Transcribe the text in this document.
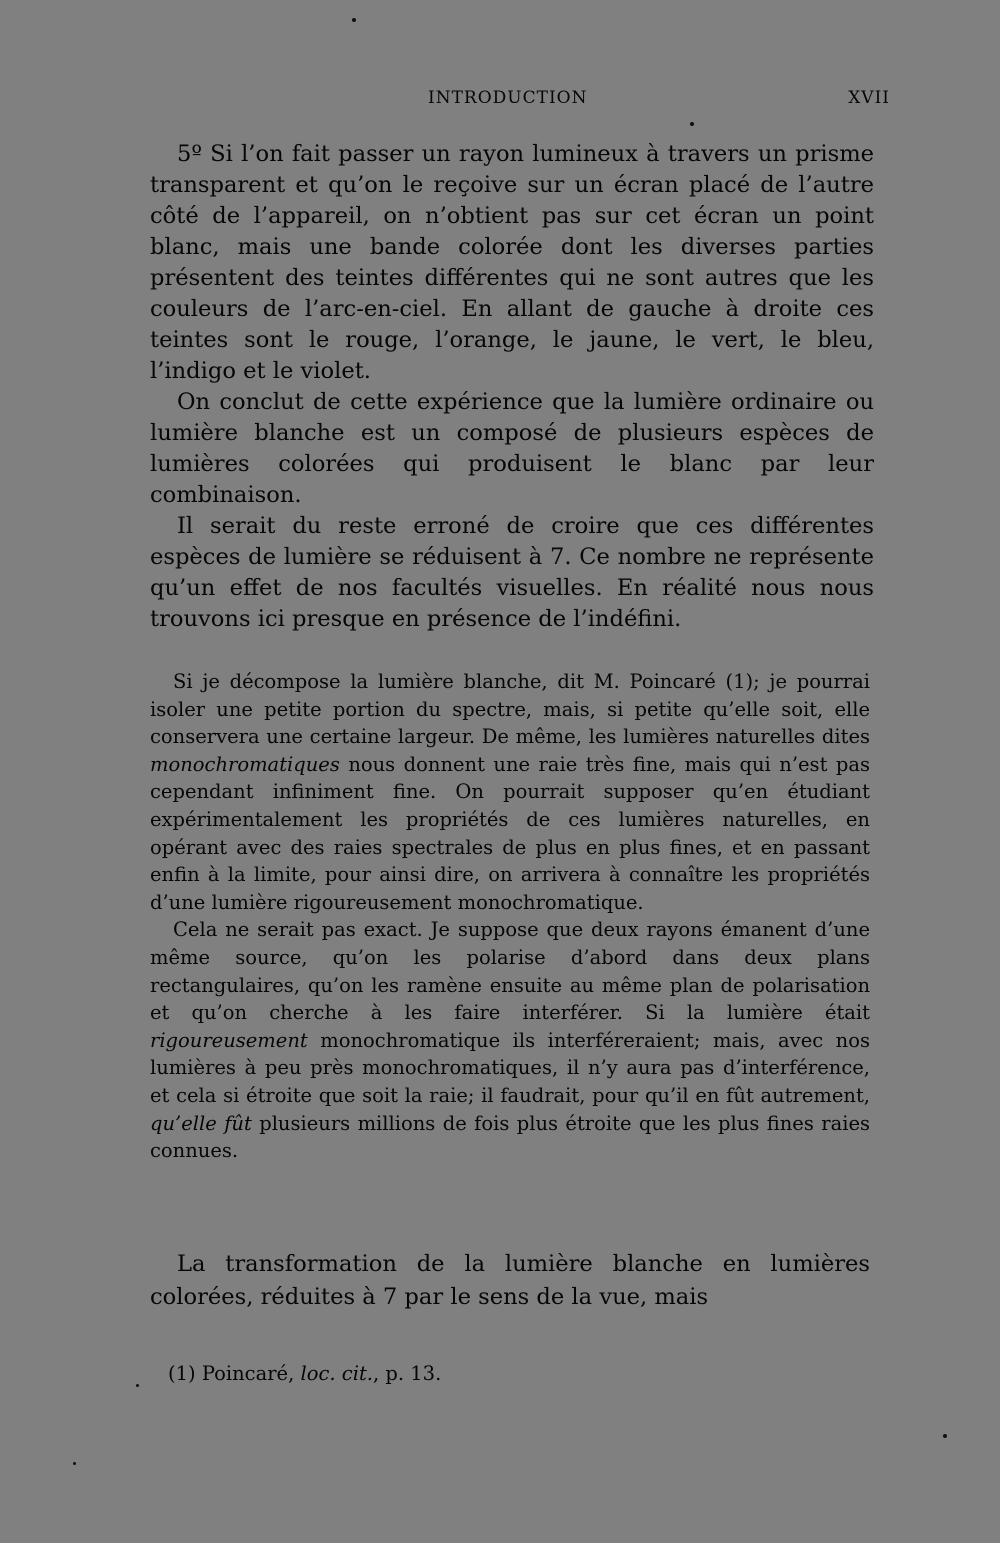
INTRODUCTION	XVII

5º Si l’on fait passer un rayon lumineux à travers un prisme transparent et qu’on le reçoive sur un écran placé de l’autre côté de l’appareil, on n’obtient pas sur cet écran un point blanc, mais une bande colorée dont les diverses parties présentent des teintes différentes qui ne sont autres que les couleurs de l’arc-en-ciel. En allant de gauche à droite ces teintes sont le rouge, l’orange, le jaune, le vert, le bleu, l’indigo et le violet.

On conclut de cette expérience que la lumière ordinaire ou lumière blanche est un composé de plusieurs espèces de lumières colorées qui produisent le blanc par leur combinaison.

Il serait du reste erroné de croire que ces différentes espèces de lumière se réduisent à 7. Ce nombre ne représente qu’un effet de nos facultés visuelles. En réalité nous nous trouvons ici presque en présence de l’indéfini.

Si je décompose la lumière blanche, dit M. Poincaré (1); je pourrai isoler une petite portion du spectre, mais, si petite qu’elle soit, elle conservera une certaine largeur. De même, les lumières naturelles dites monochromatiques nous donnent une raie très fine, mais qui n’est pas cependant infiniment fine. On pourrait supposer qu’en étudiant expérimentalement les propriétés de ces lumières naturelles, en opérant avec des raies spectrales de plus en plus fines, et en passant enfin à la limite, pour ainsi dire, on arrivera à connaître les propriétés d’une lumière rigoureusement monochromatique.

Cela ne serait pas exact. Je suppose que deux rayons émanent d’une même source, qu’on les polarise d’abord dans deux plans rectangulaires, qu’on les ramène ensuite au même plan de polarisation et qu’on cherche à les faire interférer. Si la lumière était rigoureusement monochromatique ils interféreraient; mais, avec nos lumières à peu près monochromatiques, il n’y aura pas d’interférence, et cela si étroite que soit la raie; il faudrait, pour qu’il en fût autrement, qu’elle fût plusieurs millions de fois plus étroite que les plus fines raies connues.

La transformation de la lumière blanche en lumières colorées, réduites à 7 par le sens de la vue, mais

(1) Poincaré, loc. cit., p. 13.
